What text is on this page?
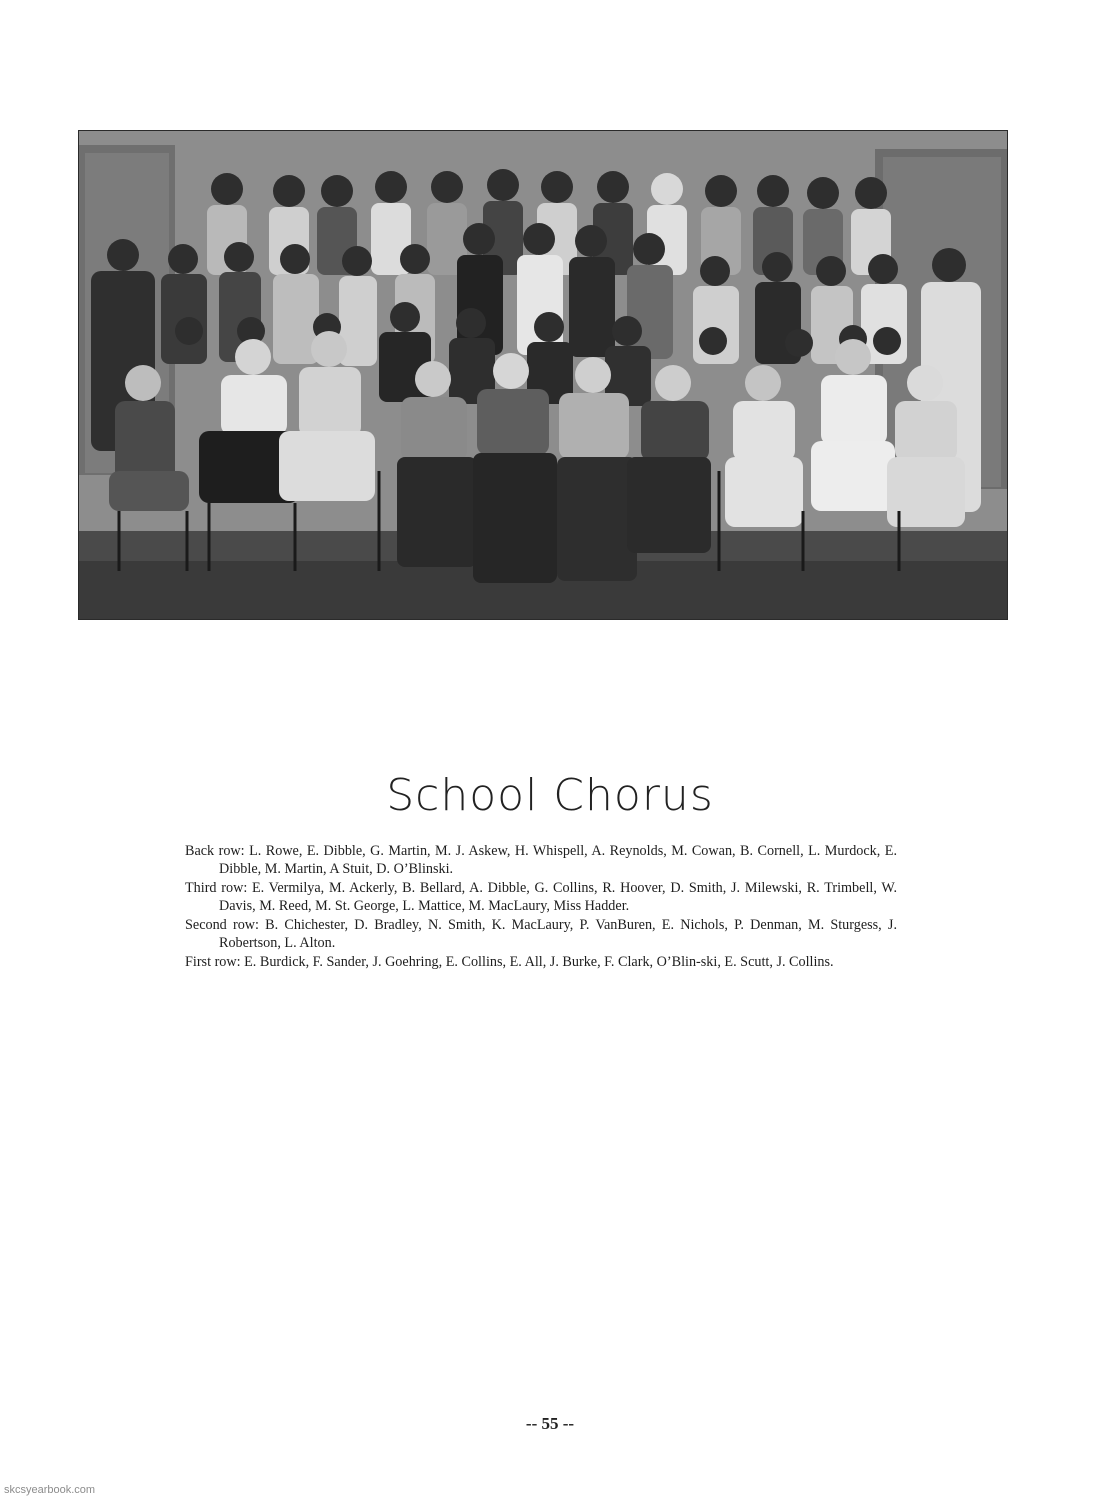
School Chorus

Back row: L. Rowe, E. Dibble, G. Martin, M. J. Askew, H. Whispell, A. Reynolds, M. Cowan, B. Cornell, L. Murdock, E. Dibble, M. Martin, A Stuit, D. O’Blinski.

Third row: E. Vermilya, M. Ackerly, B. Bellard, A. Dibble, G. Collins, R. Hoover, D. Smith, J. Milewski, R. Trimbell, W. Davis, M. Reed, M. St. George, L. Mattice, M. MacLaury, Miss Hadder.

Second row: B. Chichester, D. Bradley, N. Smith, K. MacLaury, P. VanBuren, E. Nichols, P. Denman, M. Sturgess, J. Robertson, L. Alton.

First row: E. Burdick, F. Sander, J. Goehring, E. Collins, E. All, J. Burke, F. Clark, O’Blin-ski, E. Scutt, J. Collins.

-- 55 --
skcsyearbook.com
